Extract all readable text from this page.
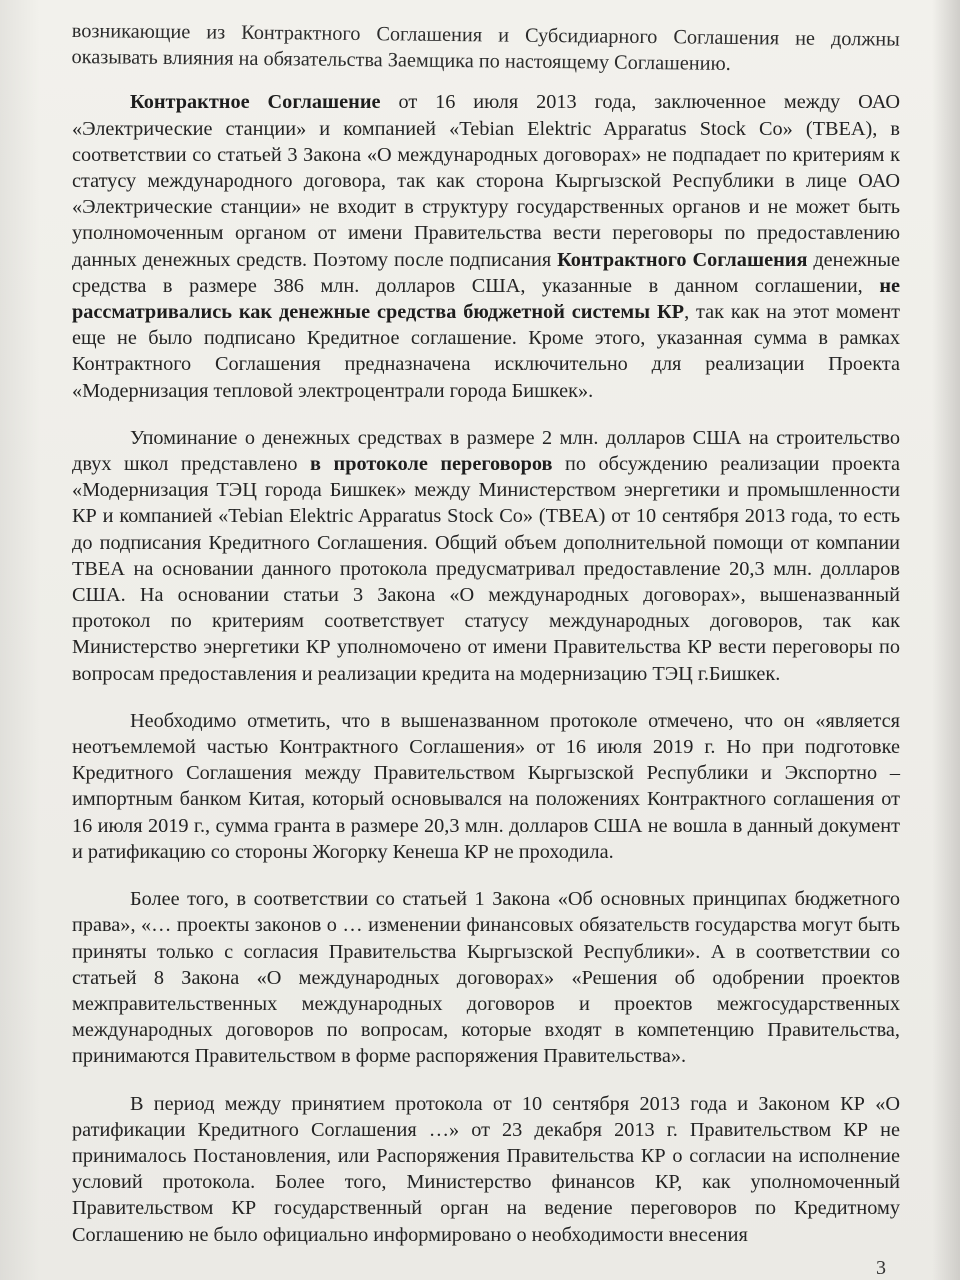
возникающие из Контрактного Соглашения и Субсидиарного Соглашения не должны оказывать влияния на обязательства Заемщика по настоящему Соглашению.

Контрактное Соглашение от 16 июля 2013 года, заключенное между ОАО «Электрические станции» и компанией «Tebian Elektric Apparatus Stock Co» (ТВЕА), в соответствии со статьей 3 Закона «О международных договорах» не подпадает по критериям к статусу международного договора, так как сторона Кыргызской Республики в лице ОАО «Электрические станции» не входит в структуру государственных органов и не может быть уполномоченным органом от имени Правительства вести переговоры по предоставлению данных денежных средств. Поэтому после подписания Контрактного Соглашения денежные средства в размере 386 млн. долларов США, указанные в данном соглашении, не рассматривались как денежные средства бюджетной системы КР, так как на этот момент еще не было подписано Кредитное соглашение. Кроме этого, указанная сумма в рамках Контрактного Соглашения предназначена исключительно для реализации Проекта «Модернизация тепловой электроцентрали города Бишкек».

Упоминание о денежных средствах в размере 2 млн. долларов США на строительство двух школ представлено в протоколе переговоров по обсуждению реализации проекта «Модернизация ТЭЦ города Бишкек» между Министерством энергетики и промышленности КР и компанией «Tebian Elektric Apparatus Stock Co» (ТВЕА) от 10 сентября 2013 года, то есть до подписания Кредитного Соглашения. Общий объем дополнительной помощи от компании ТВЕА на основании данного протокола предусматривал предоставление 20,3 млн. долларов США. На основании статьи 3 Закона «О международных договорах», вышеназванный протокол по критериям соответствует статусу международных договоров, так как Министерство энергетики КР уполномочено от имени Правительства КР вести переговоры по вопросам предоставления и реализации кредита на модернизацию ТЭЦ г.Бишкек.

Необходимо отметить, что в вышеназванном протоколе отмечено, что он «является неотъемлемой частью Контрактного Соглашения» от 16 июля 2019 г. Но при подготовке Кредитного Соглашения между Правительством Кыргызской Республики и Экспортно – импортным банком Китая, который основывался на положениях Контрактного соглашения от 16 июля 2019 г., сумма гранта в размере 20,3 млн. долларов США не вошла в данный документ и ратификацию со стороны Жогорку Кенеша КР не проходила.

Более того, в соответствии со статьей 1 Закона «Об основных принципах бюджетного права», «… проекты законов о … изменении финансовых обязательств государства могут быть приняты только с согласия Правительства Кыргызской Республики». А в соответствии со статьей 8 Закона «О международных договорах» «Решения об одобрении проектов межправительственных международных договоров и проектов межгосударственных международных договоров по вопросам, которые входят в компетенцию Правительства, принимаются Правительством в форме распоряжения Правительства».

В период между принятием протокола от 10 сентября 2013 года и Законом КР «О ратификации Кредитного Соглашения …» от 23 декабря 2013 г. Правительством КР не принималось Постановления, или Распоряжения Правительства КР о согласии на исполнение условий протокола. Более того, Министерство финансов КР, как уполномоченный Правительством КР государственный орган на ведение переговоров по Кредитному Соглашению не было официально информировано о необходимости внесения

3
